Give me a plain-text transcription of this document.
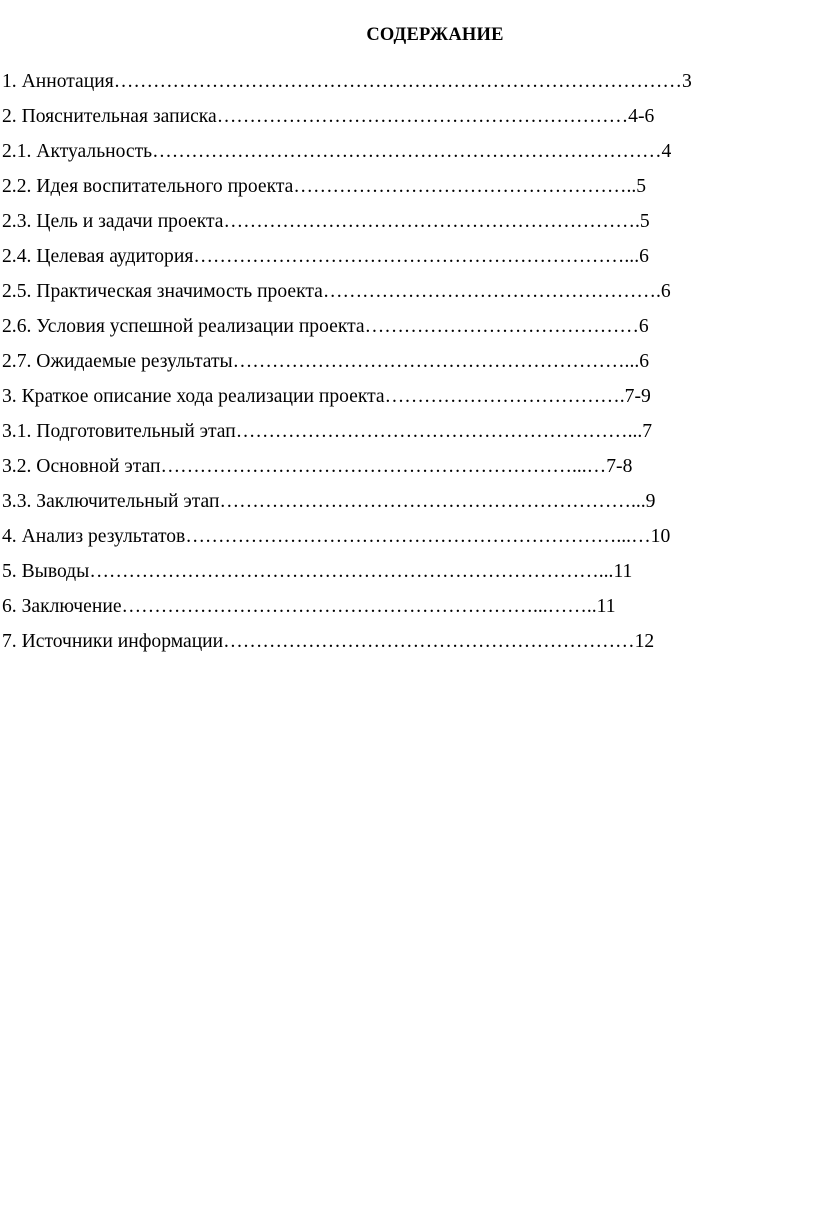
СОДЕРЖАНИЕ
1. Аннотация……………………………………………………………………………3
2. Пояснительная записка………………………………………………………4-6
2.1. Актуальность……………………………………………………………………4
2.2. Идея воспитательного проекта……………………………………………..5
2.3. Цель и задачи проекта……………………………………………………….5
2.4. Целевая аудитория…………………………………………………………...6
2.5. Практическая значимость проекта…………………………………………….6
2.6. Условия успешной реализации проекта……………………………………6
2.7. Ожидаемые результаты……………………………………………………...6
3. Краткое описание хода реализации проекта……………………………….7-9
3.1. Подготовительный этап……………………………………………………...7
3.2. Основной этап………………………………………………………...…7-8
3.3. Заключительный этап………………………………………………………...9
4. Анализ результатов…………………………………………………………...…10
5. Выводы……………………………………………………………………...11
6. Заключение………………………………………………………...……..11
7. Источники информации………………………………………………………12
